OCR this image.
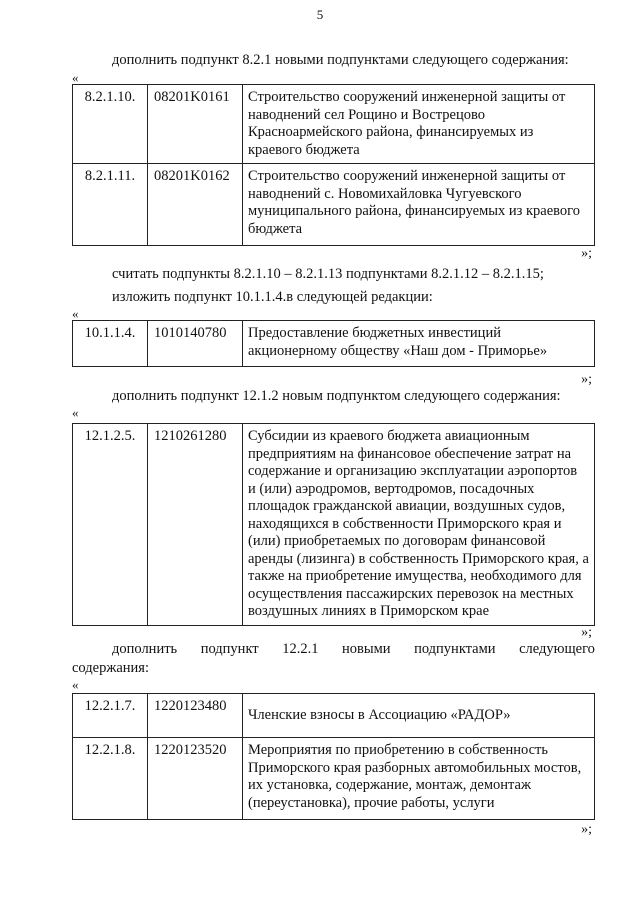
5
дополнить подпункт 8.2.1 новыми подпунктами следующего содержания:
«
8.2.1.10.	08201K0161	Строительство сооружений инженерной защиты от
наводнений сел Рощино и Вострецово
Красноармейского района, финансируемых из
краевого бюджета

8.2.1.11.	08201K0162	Строительство сооружений инженерной защиты от
наводнений с. Новомихайловка Чугуевского
муниципального района, финансируемых из краевого
бюджета
»;
считать подпункты 8.2.1.10 – 8.2.1.13 подпунктами 8.2.1.12 – 8.2.1.15;
изложить подпункт 10.1.1.4.в следующей редакции:
«
10.1.1.4.	1010140780	Предоставление бюджетных инвестиций
акционерному обществу «Наш дом - Приморье»
»;
дополнить подпункт 12.1.2 новым подпунктом следующего содержания:
«
12.1.2.5.	1210261280	Субсидии из краевого бюджета авиационным
предприятиям на финансовое обеспечение затрат на
содержание и организацию эксплуатации аэропортов
и (или) аэродромов, вертодромов, посадочных
площадок гражданской авиации, воздушных судов,
находящихся в собственности Приморского края и
(или) приобретаемых по договорам финансовой
аренды (лизинга) в собственность Приморского края, а
также на приобретение имущества, необходимого для
осуществления пассажирских перевозок на местных
воздушных линиях в Приморском крае
»;
дополнить подпункт 12.2.1 новыми подпунктами следующего
содержания:
«
12.2.1.7.	1220123480	Членские взносы в Ассоциацию «РАДОР»

12.2.1.8.	1220123520	Мероприятия по приобретению в собственность
Приморского края разборных автомобильных мостов,
их установка, содержание, монтаж, демонтаж
(переустановка), прочие работы, услуги
»;
